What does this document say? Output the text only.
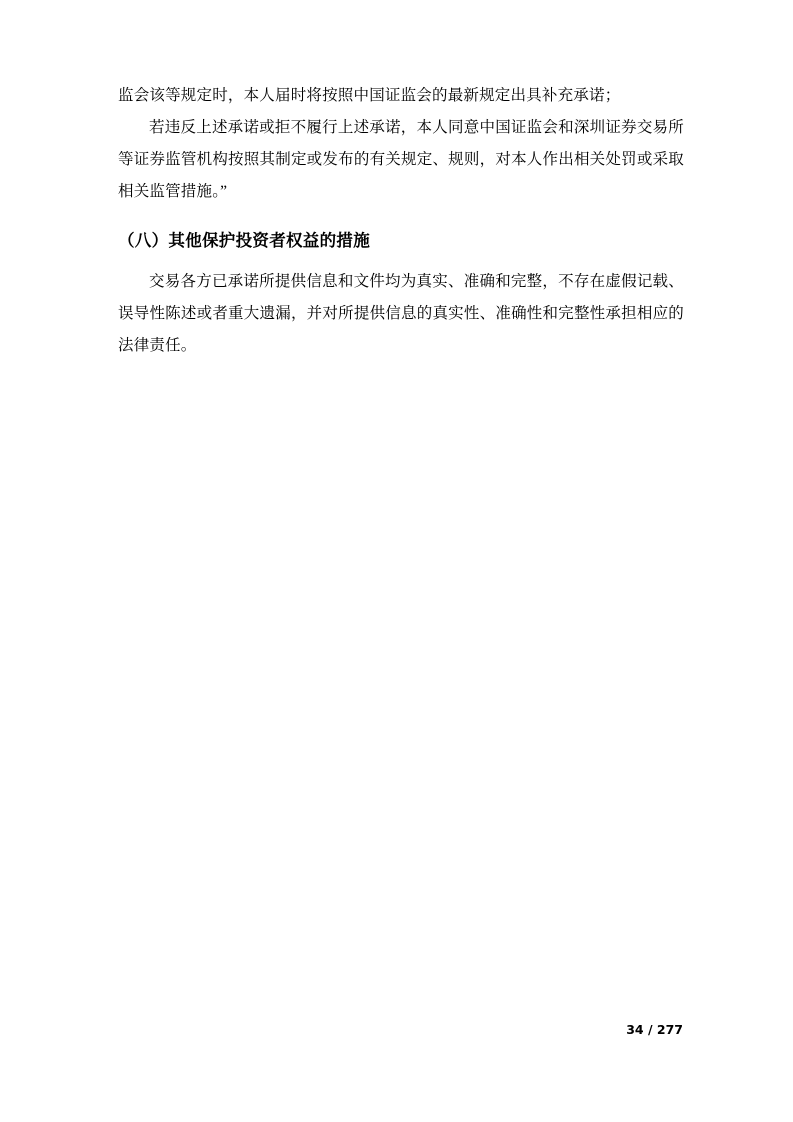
监会该等规定时，本人届时将按照中国证监会的最新规定出具补充承诺；

若违反上述承诺或拒不履行上述承诺，本人同意中国证监会和深圳证券交易所等证券监管机构按照其制定或发布的有关规定、规则，对本人作出相关处罚或采取相关监管措施。”

（八）其他保护投资者权益的措施

交易各方已承诺所提供信息和文件均为真实、准确和完整，不存在虚假记载、误导性陈述或者重大遗漏，并对所提供信息的真实性、准确性和完整性承担相应的法律责任。

34 / 277
